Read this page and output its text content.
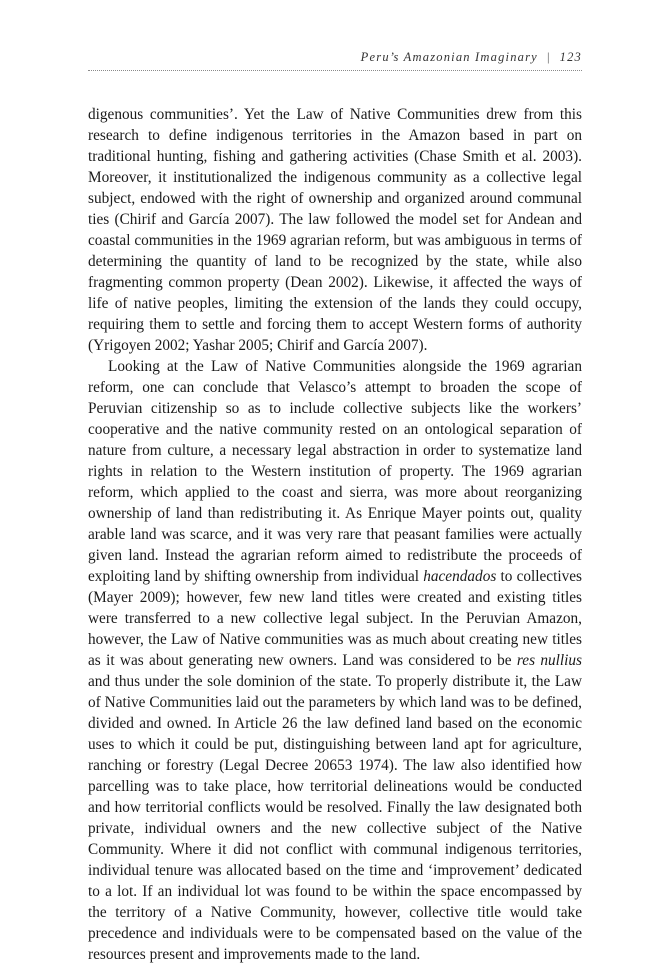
Peru’s Amazonian Imaginary | 123

digenous communities’. Yet the Law of Native Communities drew from this research to define indigenous territories in the Amazon based in part on traditional hunting, fishing and gathering activities (Chase Smith et al. 2003). Moreover, it institutionalized the indigenous community as a collective legal subject, endowed with the right of ownership and organized around communal ties (Chirif and García 2007). The law followed the model set for Andean and coastal communities in the 1969 agrarian reform, but was ambiguous in terms of determining the quantity of land to be recognized by the state, while also fragmenting common property (Dean 2002). Likewise, it affected the ways of life of native peoples, limiting the extension of the lands they could occupy, requiring them to settle and forcing them to accept Western forms of authority (Yrigoyen 2002; Yashar 2005; Chirif and García 2007).

Looking at the Law of Native Communities alongside the 1969 agrarian reform, one can conclude that Velasco’s attempt to broaden the scope of Peruvian citizenship so as to include collective subjects like the workers’ cooperative and the native community rested on an ontological separation of nature from culture, a necessary legal abstraction in order to systematize land rights in relation to the Western institution of property. The 1969 agrarian reform, which applied to the coast and sierra, was more about reorganizing ownership of land than redistributing it. As Enrique Mayer points out, quality arable land was scarce, and it was very rare that peasant families were actually given land. Instead the agrarian reform aimed to redistribute the proceeds of exploiting land by shifting ownership from individual hacendados to collectives (Mayer 2009); however, few new land titles were created and existing titles were transferred to a new collective legal subject. In the Peruvian Amazon, however, the Law of Native communities was as much about creating new titles as it was about generating new owners. Land was considered to be res nullius and thus under the sole dominion of the state. To properly distribute it, the Law of Native Communities laid out the parameters by which land was to be defined, divided and owned. In Article 26 the law defined land based on the economic uses to which it could be put, distinguishing between land apt for agriculture, ranching or forestry (Legal Decree 20653 1974). The law also identified how parcelling was to take place, how territorial delineations would be conducted and how territorial conflicts would be resolved. Finally the law designated both private, individual owners and the new collective subject of the Native Community. Where it did not conflict with communal indigenous territories, individual tenure was allocated based on the time and ‘improvement’ dedicated to a lot. If an individual lot was found to be within the space encompassed by the territory of a Native Community, however, collective title would take precedence and individuals were to be compensated based on the value of the resources present and improvements made to the land.
